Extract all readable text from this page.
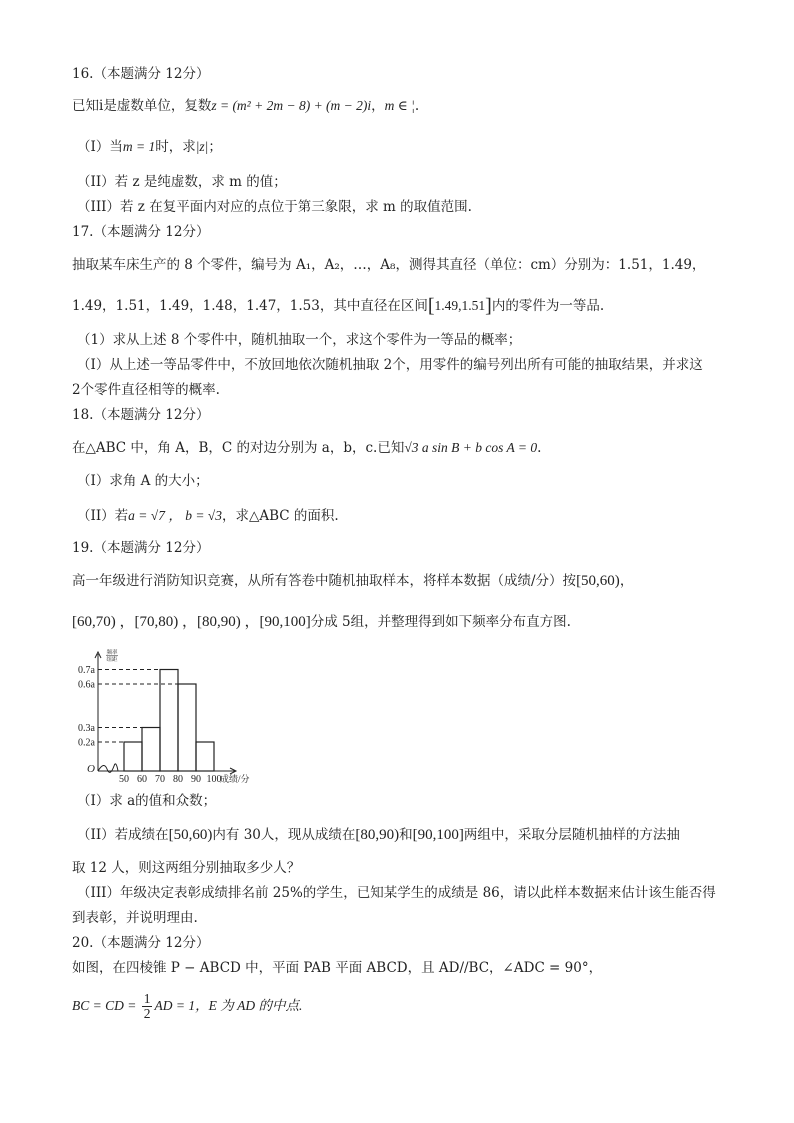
16.（本题满分 12分）
已知i是虚数单位，复数z = (m² + 2m − 8) + (m − 2)i，m ∈ ¦.
（I）当m = 1时，求|z|；
（II）若 z 是纯虚数，求 m 的值；
（III）若 z 在复平面内对应的点位于第三象限，求 m 的取值范围.
17.（本题满分 12分）
抽取某车床生产的 8 个零件，编号为 A₁，A₂，…，A₈，测得其直径（单位：cm）分别为：1.51，1.49，
1.49，1.51，1.49，1.48，1.47，1.53，其中直径在区间[1.49,1.51]内的零件为一等品.
（1）求从上述 8 个零件中，随机抽取一个，求这个零件为一等品的概率；
（I）从上述一等品零件中，不放回地依次随机抽取 2个，用零件的编号列出所有可能的抽取结果，并求这
2个零件直径相等的概率.
18.（本题满分 12分）
在△ABC 中，角 A，B，C 的对边分别为 a，b，c.已知√3 a sin B + b cos A = 0.
（I）求角 A 的大小；
（II）若a = √7 ， b = √3，求△ABC 的面积.
19.（本题满分 12分）
高一年级进行消防知识竞赛，从所有答卷中随机抽取样本，将样本数据（成绩/分）按[50,60)，
[60,70) ，[70,80) ，[80,90) ，[90,100]分成 5组，并整理得到如下频率分布直方图.
0.2a
0.3a
0.6a
0.7a
50 60 70 80 90 100
O
成绩/分
频率
组距
（I）求 a的值和众数；
（II）若成绩在[50,60)内有 30人，现从成绩在[80,90)和[90,100]两组中，采取分层随机抽样的方法抽
取 12 人，则这两组分别抽取多少人？
（III）年级决定表彰成绩排名前 25%的学生，已知某学生的成绩是 86，请以此样本数据来估计该生能否得
到表彰，并说明理由.
20.（本题满分 12分）
如图，在四棱锥 P − ABCD 中，平面 PAB 平面 ABCD，且 AD//BC，∠ADC = 90°，
BC = CD = $\frac{1}{2}$ AD = 1，E 为 AD 的中点.
